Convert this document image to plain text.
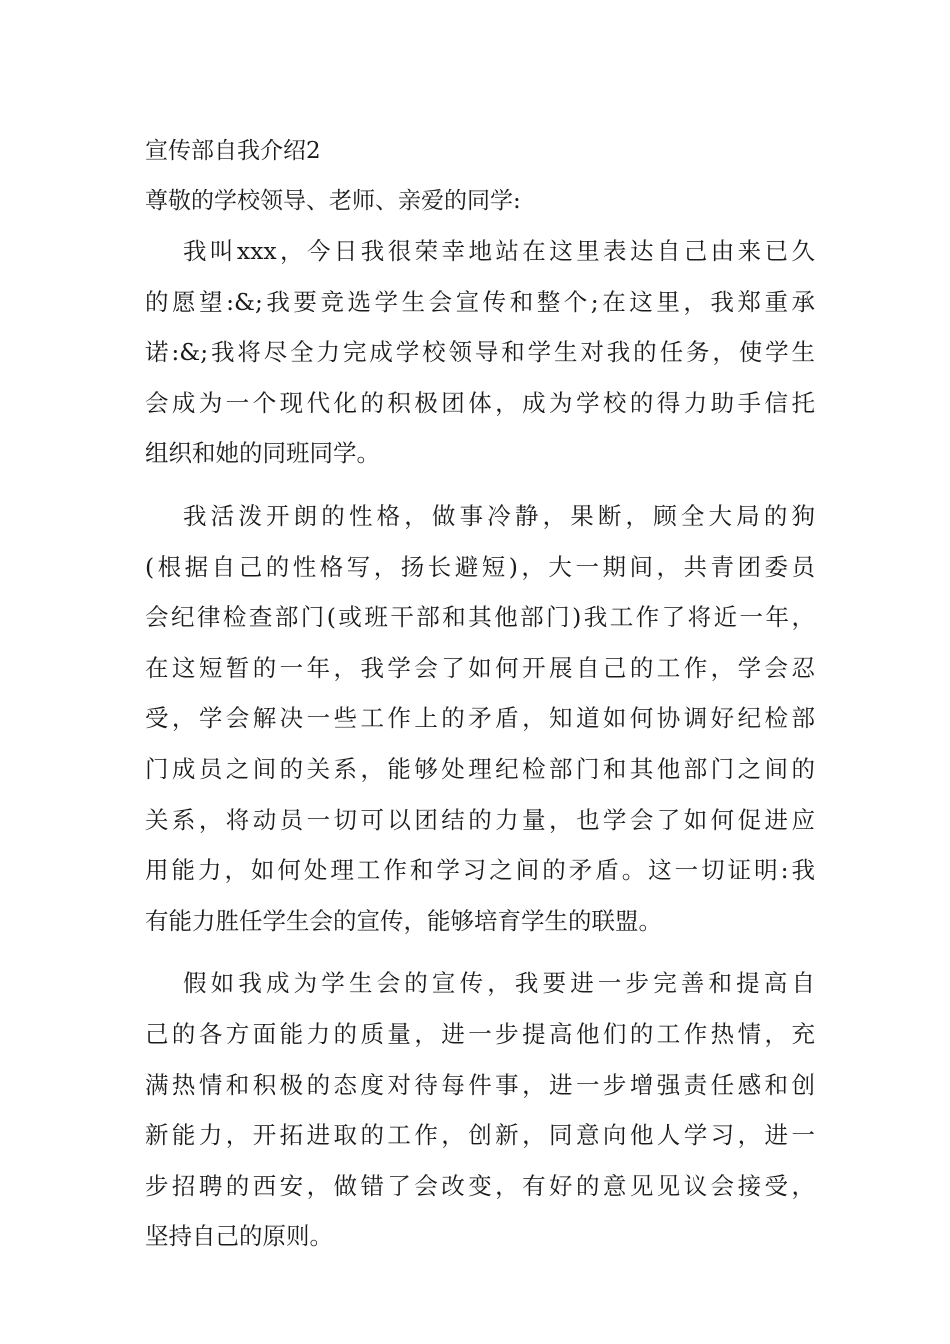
宣传部自我介绍2

尊敬的学校领导、老师、亲爱的同学:

我叫xxx，今日我很荣幸地站在这里表达自己由来已久
的愿望:&;我要竞选学生会宣传和整个;在这里，我郑重承
诺:&;我将尽全力完成学校领导和学生对我的任务，使学生
会成为一个现代化的积极团体，成为学校的得力助手信托
组织和她的同班同学。
我活泼开朗的性格，做事冷静，果断，顾全大局的狗
(根据自己的性格写，扬长避短)，大一期间，共青团委员
会纪律检查部门(或班干部和其他部门)我工作了将近一年，
在这短暂的一年，我学会了如何开展自己的工作，学会忍
受，学会解决一些工作上的矛盾，知道如何协调好纪检部
门成员之间的关系，能够处理纪检部门和其他部门之间的
关系，将动员一切可以团结的力量，也学会了如何促进应
用能力，如何处理工作和学习之间的矛盾。这一切证明:我
有能力胜任学生会的宣传，能够培育学生的联盟。
假如我成为学生会的宣传，我要进一步完善和提高自
己的各方面能力的质量，进一步提高他们的工作热情，充
满热情和积极的态度对待每件事，进一步增强责任感和创
新能力，开拓进取的工作，创新，同意向他人学习，进一
步招聘的西安，做错了会改变，有好的意见见议会接受，
坚持自己的原则。
